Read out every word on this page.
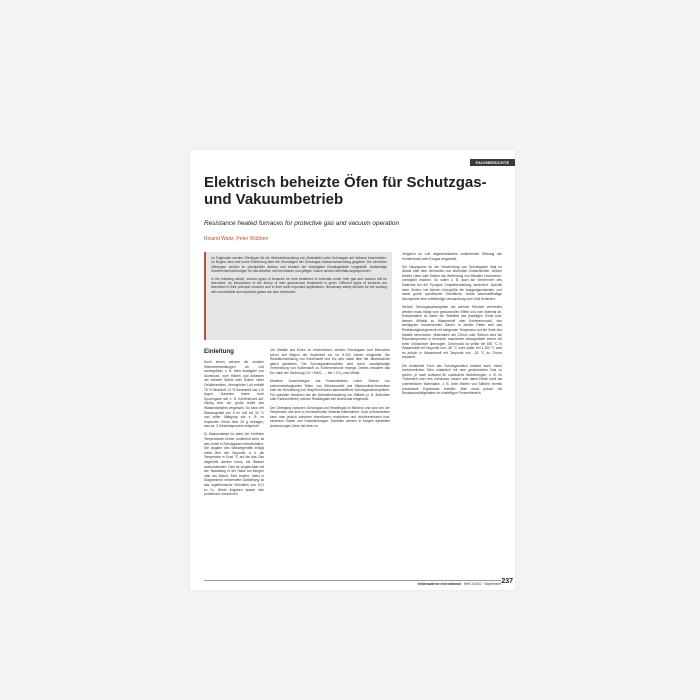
FACHBERICHTE
Elektrisch beheizte Öfen für Schutzgas- und Vakuumbetrieb
Resistance heated furnaces for protective gas and vacuum operation
Roland Waitz, Peter Wübben

Im Folgenden werden Ofentypen für die Wärmebehandlung von Materialien unter Schutzgas und Vakuum beschrieben. Zu Beginn wird eine kurze Einführung über die Grundlagen der Schutzgas-/Vakuumanwendung gegeben. Die einzelnen Ofentypen werden im prinzipiellen Aufbau und Anhand der wichtigsten Einsatzgebiete vorgestellt. Notwendige Sicherheitseinrichtungen für das Arbeiten mit brennbaren und giftigen Gasen werden ebenfalls angesprochen.

In the following article, various types of furnaces for heat treatment of materials under inert gas and vacuum will be described. An introduction to the theory of inert gas/vacuum treatments is given. Different types of furnaces are described in their principal structure and in their most important applications. Necessary safety devices for the working with combustible and explosive gases are also mentioned.

Einleitung

Noch immer werden die meisten Wärmebehandlungen an Luft durchgeführt, z. B. beim Auslagern von Aluminium, zum Härten und Anlassen der meisten Stähle oder Sintern vieler Oxidkeramiken. Atmosphäre Luft enthält 78 % Stickstoff, 21 % Sauerstoff und 1 % Argon. Daneben treten noch Spurengase wie z. B. Kohlendioxid auf. Häufig wird der große Anteil des Wasserdampfes vergessen. So kann der Wassergehalt von 5 m³ Luft bei 30 °C und voller Sättigung wie z. B. im tropischen Klima über 30 g betragen, was ca. 3 Gewichtsprozent entspricht.

Di Wasserdampf ist allem bei erhöhten Temperaturen immer oxidierend wirkt, ist sein Anteil in Schutzgasen entscheidend. Die Angabe des Wassergehalts erfolgt meist über den Taupunkt, d. h. die Temperatur in Grad °C auf die das Gas abgekühlt werden muss, bis Wasser auskondensiert. Dies ist vergleichbar mit der Taubildung in der Natur am Morgen oder am Abend. Eine andere, meist in Diagrammen verwendete Darstellung ist das logarithmische Verhältnis von H₂O zu H₂. Beide Angaben lassen sich problemlos umrechnen.

Um Metalle aus Erzen zu erschmelzen, werden Schutzgase vom Menschen schon seit Beginn der Kupferzeit vor ca. 8.000 Jahren eingesetzt. Die Reduktionswirkung von Kohlenstoff und Erz wird dabei über die Jahrtausende gleich geblieben. Die Schutzgasatmosphäre wird durch unvollständige Verbrennung von Kohlenstoff zu Kohlenmonoxid erzeugt. Dieses reduziert das Erz nach der Gleichung CO + MeO₂ → Me + CO₂ zum Metall.

Moderne Anwendungen wie Russentriebes Löten, Sintern von pulvermetallurgischen Teilen, von Siliziumcarbid und Siliziumnitrid-Keramiken oder die Herstellung von Graphit erfordern sauerstofffreie Schutzgasatmosphären. Für spezielle Verfahren bei der Wärmebehandlung von Stählen (z. B. Aufkohlen oder Karbonitrieren) werden Reaktivgase wie Ammoniak eingesetzt.

Der Übergang zwischen Schutzgas und Reaktivgas ist fließend und wird von der Temperatur und dem zu behandelnden Material mitbestimmt. Grob unterscheiden kann man jedoch zwischen brennbaren, explosiven und nichtbrennbaren bzw. neutralen Gasen und Gasmischungen. Daneben werden in einigen speziellen Anwendungen Gase mit einer im

Vergleich zu Luft abgeschwächten oxidierenden Wirkung wie Kohlendioxid oder Exogas eingesetzt.

Die Hauptgrund für die Verwendung von Schutzgasen liegt im Ablauf oder dem Vermeiden von störenden Oxidschichten, welche bereits Löten oder Sintern die Verbindung von Metallen erschweren, unmöglich machen. So sollen z. B. auch am Verbrennen des Materials bei der Pyrolyse Graphitherstellung verhindert. Speziell beim Sintern hat kleinen Kornglöße die Ausgangsmaterials, und damit große spezifischer Oberfläche, würde sauerstoffhaltige Atmosphäre eine vollständige Umwandlung zum Oxid bedeuten.

Welche Schutzgasatmosphäre bei welcher Reinheit verwendet werden muss hängt vom gewünschten Effekt und vom Material ab. Entscheidend ist dabei die Stabilität des jeweiligen Oxids bzw. dessen Affinität zu Wasserstoff oder Kohlenmonoxid, den wichtigsten reduzierenden Gasen. In beiden Fällen wird das Reaktionsgleichgewicht mit steigender Temperatur auf die Seite des Metalls verschoben. Materialien wie Chrom oder Silizium sind bei Raumtemperatur in technisch machbaren Atmosphären immer mit einer Oxidschicht überzogen. Chromoxid ist selbst bei 800 °C in Wasserstoff mit Taupunkt von –80 °C nicht stabil, bei 1.200 °C wird es jedoch in Wasserstoff mit Taupunkt von –30 °C zu Chrom reduziert.

Die einfachste Form des Schutzgasofens besteht darin, einen herkömmlichen Ofen zusätzlich mit dem gewünschten Gas zu spülen, je nach Aufwand für zusätzliche Abdichtungen, z. B. im Türbereich oder des Gehäuses, lassen sich damit Reste nicht als unerheblicher Materialien, z. B. beim Härten von Stählen, bereits brauchbare Ergebnisse erzielen. Man muss jedoch mit Restsauerstoffgehalten im einstelligen Prozentbereich

elektrowärme international · Heft 3/2010 · September 237
